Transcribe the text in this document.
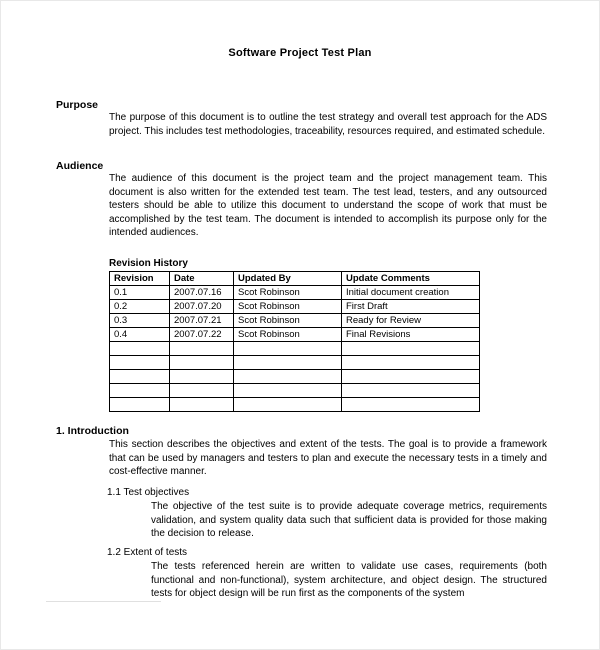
Software Project Test Plan
Purpose
The purpose of this document is to outline the test strategy and overall test approach for the ADS project. This includes test methodologies, traceability, resources required, and estimated schedule.
Audience
The audience of this document is the project team and the project management team. This document is also written for the extended test team. The test lead, testers, and any outsourced testers should be able to utilize this document to understand the scope of work that must be accomplished by the test team. The document is intended to accomplish its purpose only for the intended audiences.
Revision History
Revision	Date	Updated By	Update Comments
0.1	2007.07.16	Scot Robinson	Initial document creation
0.2	2007.07.20	Scot Robinson	First Draft
0.3	2007.07.21	Scot Robinson	Ready for Review
0.4	2007.07.22	Scot Robinson	Final Revisions

1. Introduction
This section describes the objectives and extent of the tests. The goal is to provide a framework that can be used by managers and testers to plan and execute the necessary tests in a timely and cost-effective manner.
1.1 Test objectives
The objective of the test suite is to provide adequate coverage metrics, requirements validation, and system quality data such that sufficient data is provided for those making the decision to release.
1.2 Extent of tests
The tests referenced herein are written to validate use cases, requirements (both functional and non-functional), system architecture, and object design. The structured tests for object design will be run first as the components of the system
